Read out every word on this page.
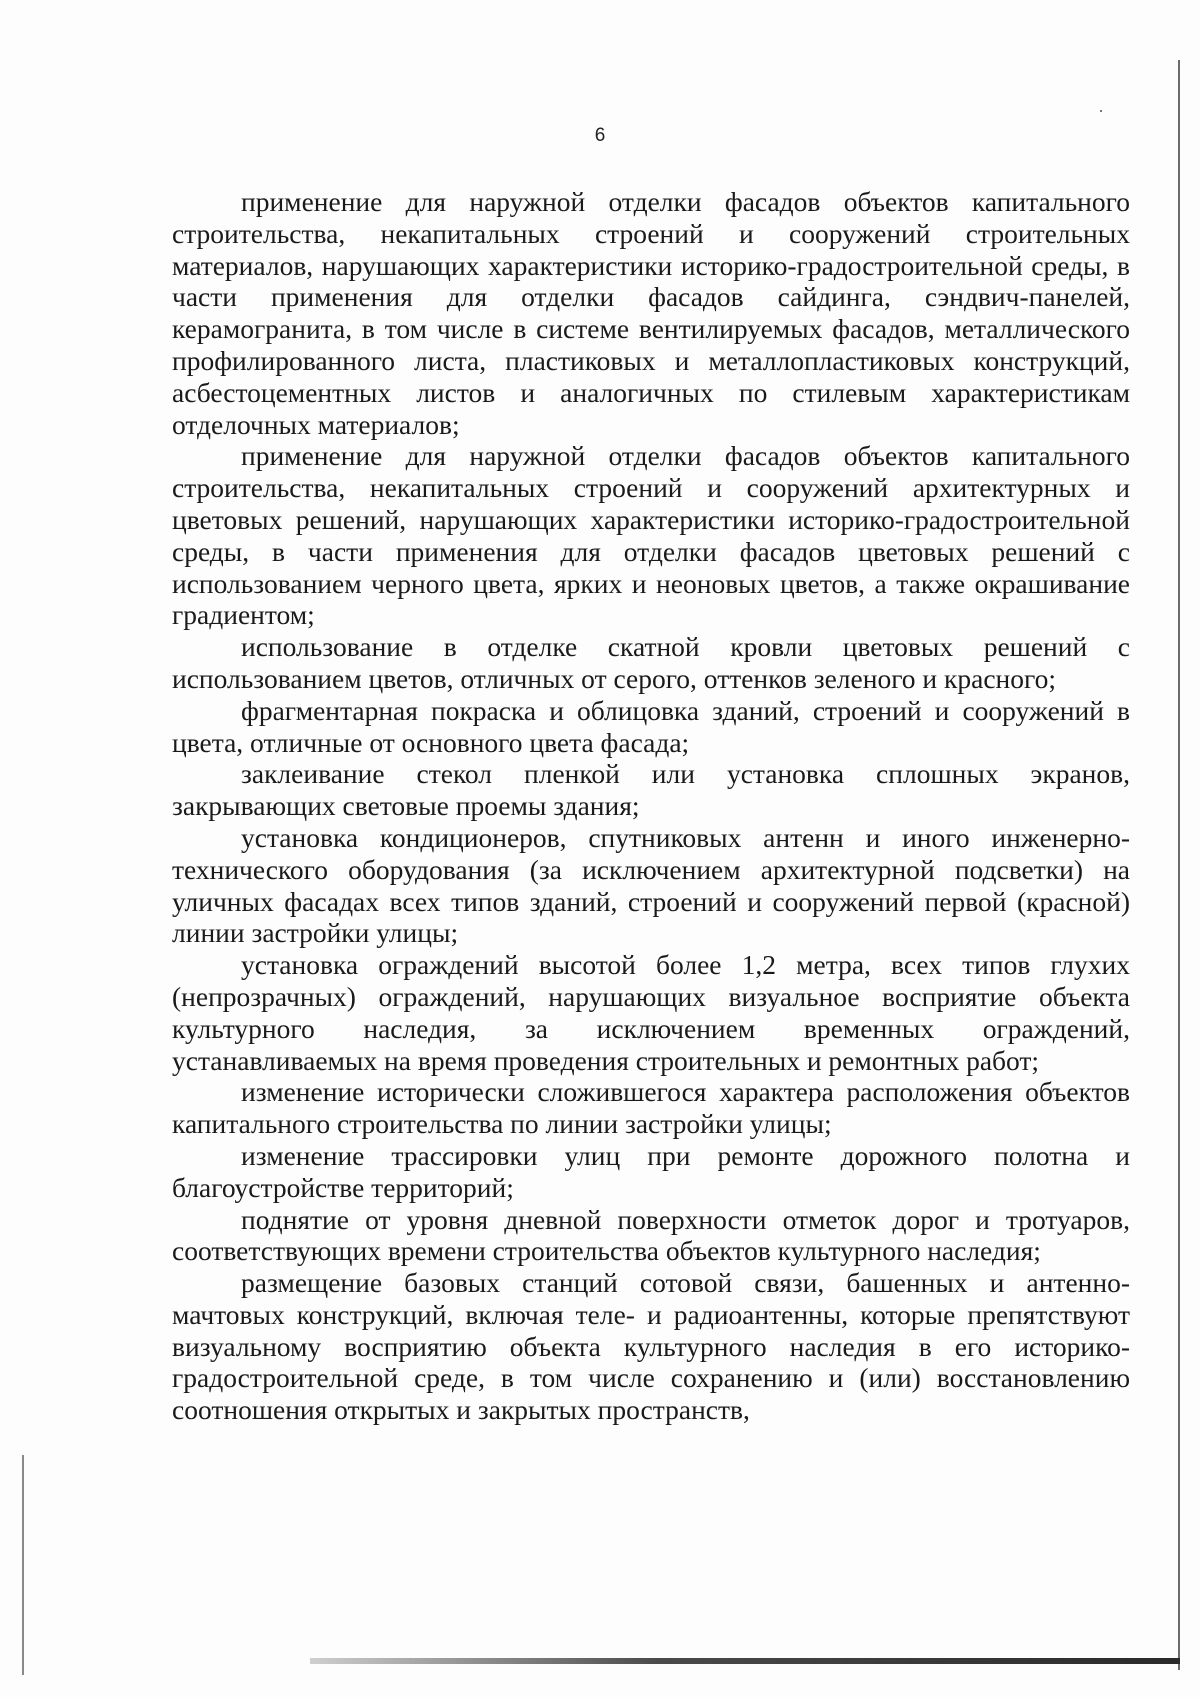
6

применение для наружной отделки фасадов объектов капитального строительства, некапитальных строений и сооружений строительных материалов, нарушающих характеристики историко-градостроительной среды, в части применения для отделки фасадов сайдинга, сэндвич-панелей, керамогранита, в том числе в системе вентилируемых фасадов, металлического профилированного листа, пластиковых и металлопластиковых конструкций, асбестоцементных листов и аналогичных по стилевым характеристикам отделочных материалов;

применение для наружной отделки фасадов объектов капитального строительства, некапитальных строений и сооружений архитектурных и цветовых решений, нарушающих характеристики историко-градостроительной среды, в части применения для отделки фасадов цветовых решений с использованием черного цвета, ярких и неоновых цветов, а также окрашивание градиентом;

использование в отделке скатной кровли цветовых решений с использованием цветов, отличных от серого, оттенков зеленого и красного;

фрагментарная покраска и облицовка зданий, строений и сооружений в цвета, отличные от основного цвета фасада;

заклеивание стекол пленкой или установка сплошных экранов, закрывающих световые проемы здания;

установка кондиционеров, спутниковых антенн и иного инженерно-технического оборудования (за исключением архитектурной подсветки) на уличных фасадах всех типов зданий, строений и сооружений первой (красной) линии застройки улицы;

установка ограждений высотой более 1,2 метра, всех типов глухих (непрозрачных) ограждений, нарушающих визуальное восприятие объекта культурного наследия, за исключением временных ограждений, устанавливаемых на время проведения строительных и ремонтных работ;

изменение исторически сложившегося характера расположения объектов капитального строительства по линии застройки улицы;

изменение трассировки улиц при ремонте дорожного полотна и благоустройстве территорий;

поднятие от уровня дневной поверхности отметок дорог и тротуаров, соответствующих времени строительства объектов культурного наследия;

размещение базовых станций сотовой связи, башенных и антенно-мачтовых конструкций, включая теле- и радиоантенны, которые препятствуют визуальному восприятию объекта культурного наследия в его историко-градостроительной среде, в том числе сохранению и (или) восстановлению соотношения открытых и закрытых пространств,
